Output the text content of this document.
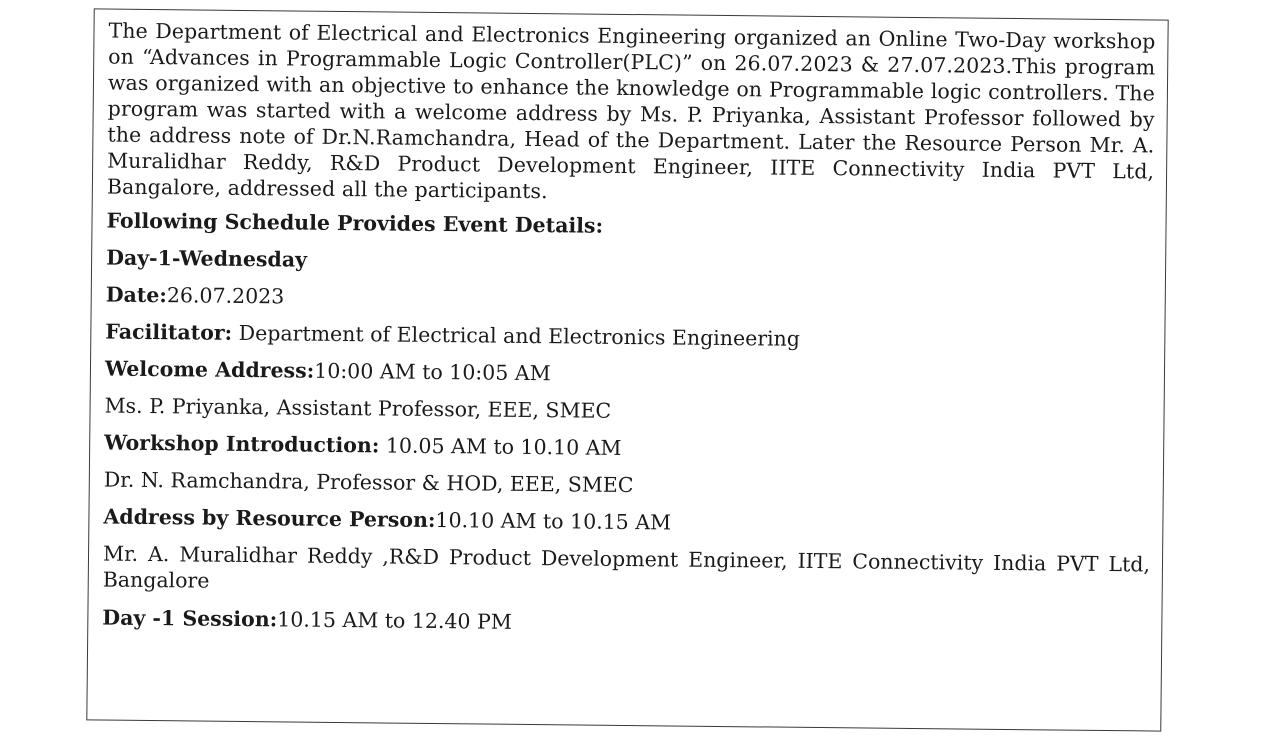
The Department of Electrical and Electronics Engineering organized an Online Two-Day workshop on “Advances in Programmable Logic Controller(PLC)” on 26.07.2023 & 27.07.2023.This program was organized with an objective to enhance the knowledge on Programmable logic controllers. The program was started with a welcome address by Ms. P. Priyanka, Assistant Professor followed by the address note of Dr.N.Ramchandra, Head of the Department. Later the Resource Person Mr. A. Muralidhar Reddy, R&D Product Development Engineer, IITE Connectivity India PVT Ltd, Bangalore, addressed all the participants.

Following Schedule Provides Event Details:
Day-1-Wednesday
Date:26.07.2023
Facilitator: Department of Electrical and Electronics Engineering
Welcome Address:10:00 AM to 10:05 AM
Ms. P. Priyanka, Assistant Professor, EEE, SMEC
Workshop Introduction: 10.05 AM to 10.10 AM
Dr. N. Ramchandra, Professor & HOD, EEE, SMEC
Address by Resource Person:10.10 AM to 10.15 AM
Mr. A. Muralidhar Reddy ,R&D Product Development Engineer, IITE Connectivity India PVT Ltd, Bangalore
Day -1 Session:10.15 AM to 12.40 PM
